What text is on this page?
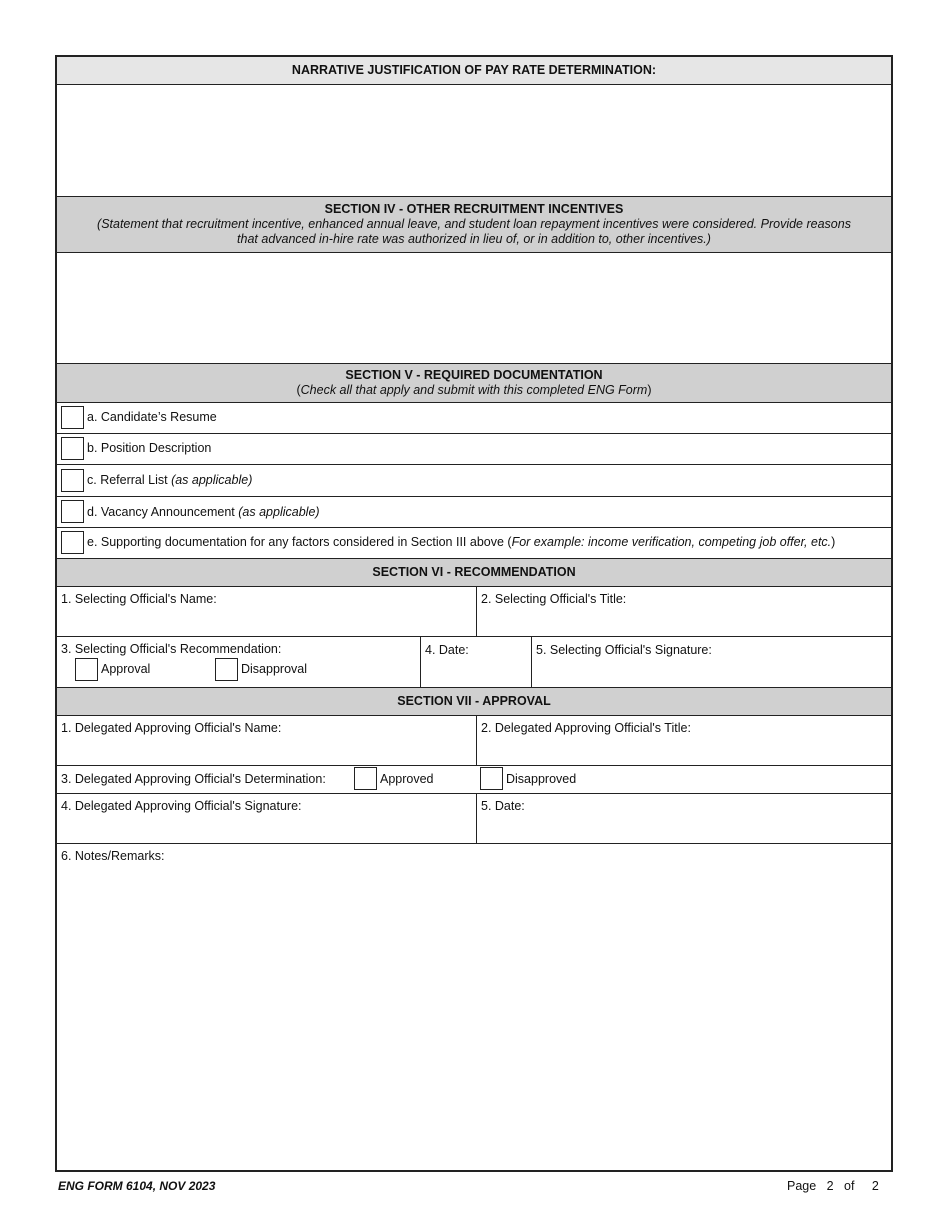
NARRATIVE JUSTIFICATION OF PAY RATE DETERMINATION:
SECTION IV - OTHER RECRUITMENT INCENTIVES
(Statement that recruitment incentive, enhanced annual leave, and student loan repayment incentives were considered. Provide reasons that advanced in-hire rate was authorized in lieu of, or in addition to, other incentives.)
SECTION V - REQUIRED DOCUMENTATION
(Check all that apply and submit with this completed ENG Form)
a. Candidate’s Resume
b. Position Description
c. Referral List (as applicable)
d. Vacancy Announcement (as applicable)
e. Supporting documentation for any factors considered in Section III above (For example: income verification, competing job offer, etc.)
SECTION VI - RECOMMENDATION
1. Selecting Official's Name:	2. Selecting Official's Title:
3. Selecting Official's Recommendation:
Approval	Disapproval
4. Date:	5. Selecting Official's Signature:
SECTION VII - APPROVAL
1. Delegated Approving Official's Name:	2. Delegated Approving Official's Title:
3. Delegated Approving Official's Determination:	Approved	Disapproved
4. Delegated Approving Official's Signature:	5. Date:
6. Notes/Remarks:
ENG FORM 6104, NOV 2023	Page 2 of 2
